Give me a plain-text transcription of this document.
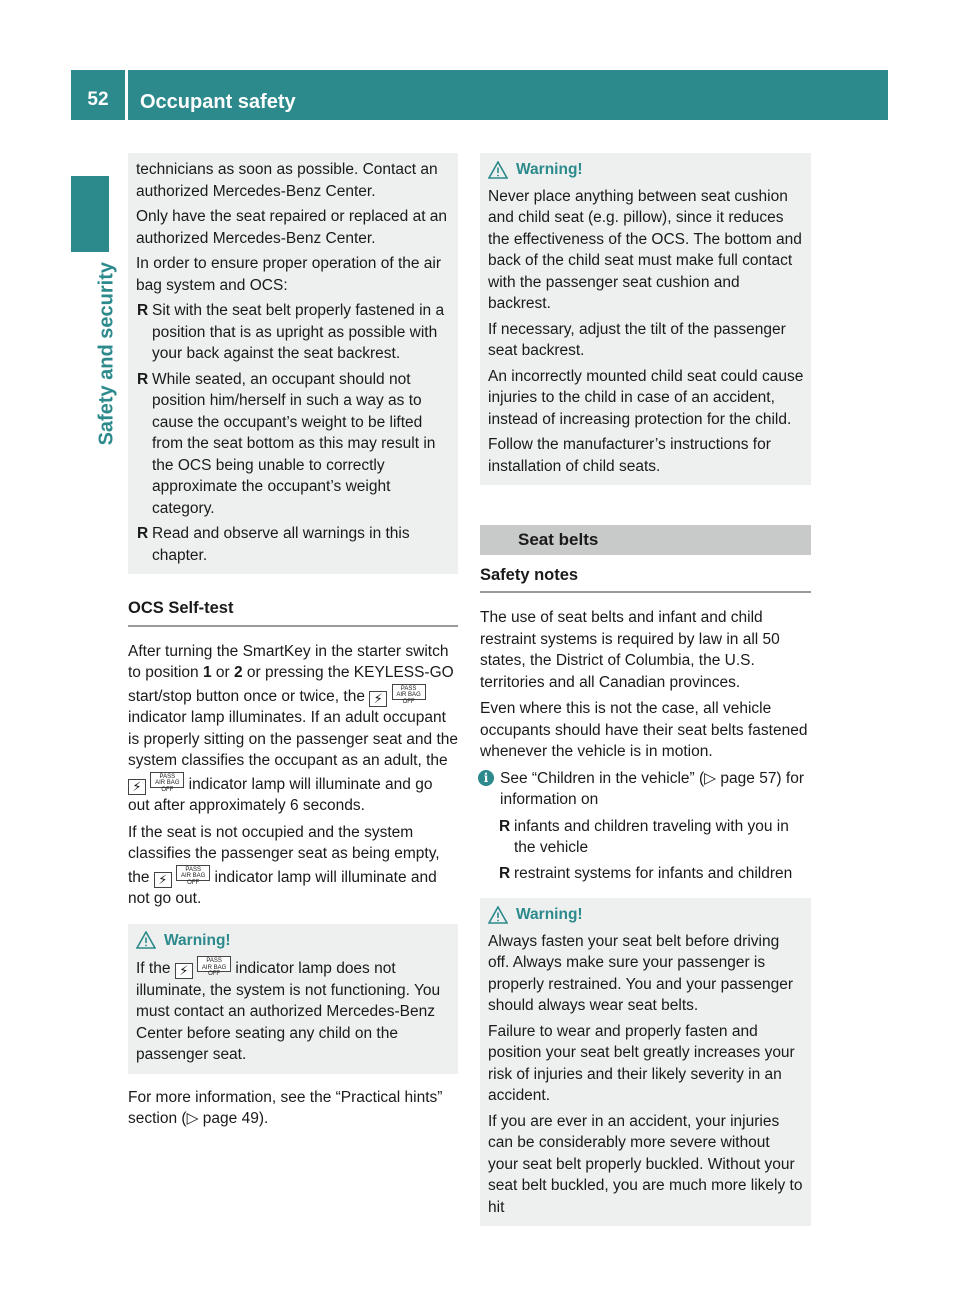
52	Occupant safety
Safety and security

technicians as soon as possible. Contact an authorized Mercedes-Benz Center.

Only have the seat repaired or replaced at an authorized Mercedes-Benz Center.

In order to ensure proper operation of the air bag system and OCS:

R Sit with the seat belt properly fastened in a position that is as upright as possible with your back against the seat backrest.
R While seated, an occupant should not position him/herself in such a way as to cause the occupant’s weight to be lifted from the seat bottom as this may result in the OCS being unable to correctly approximate the occupant’s weight category.
R Read and observe all warnings in this chapter.
OCS Self-test

After turning the SmartKey in the starter switch to position 1 or 2 or pressing the KEYLESS-GO start/stop button once or twice, the ⚡ PASS
AIR BAG OFF indicator lamp illuminates. If an adult occupant is properly sitting on the passenger seat and the system classifies the occupant as an adult, the ⚡ PASS
AIR BAG OFF indicator lamp will illuminate and go out after approximately 6 seconds.

If the seat is not occupied and the system classifies the passenger seat as being empty, the ⚡ PASS
AIR BAG OFF indicator lamp will illuminate and not go out.

Warning!

If the ⚡ PASS
AIR BAG OFF indicator lamp does not illuminate, the system is not functioning. You must contact an authorized Mercedes-Benz Center before seating any child on the passenger seat.

For more information, see the “Practical hints” section (▷ page 49).

Warning!

Never place anything between seat cushion and child seat (e.g. pillow), since it reduces the effectiveness of the OCS. The bottom and back of the child seat must make full contact with the passenger seat cushion and backrest.

If necessary, adjust the tilt of the passenger seat backrest.

An incorrectly mounted child seat could cause injuries to the child in case of an accident, instead of increasing protection for the child.

Follow the manufacturer’s instructions for installation of child seats.

Seat belts
Safety notes

The use of seat belts and infant and child restraint systems is required by law in all 50 states, the District of Columbia, the U.S. territories and all Canadian provinces.

Even where this is not the case, all vehicle occupants should have their seat belts fastened whenever the vehicle is in motion.

i See “Children in the vehicle” (▷ page 57) for information on

R infants and children traveling with you in the vehicle
R restraint systems for infants and children
Warning!

Always fasten your seat belt before driving off. Always make sure your passenger is properly restrained. You and your passenger should always wear seat belts.

Failure to wear and properly fasten and position your seat belt greatly increases your risk of injuries and their likely severity in an accident.

If you are ever in an accident, your injuries can be considerably more severe without your seat belt properly buckled. Without your seat belt buckled, you are much more likely to hit
